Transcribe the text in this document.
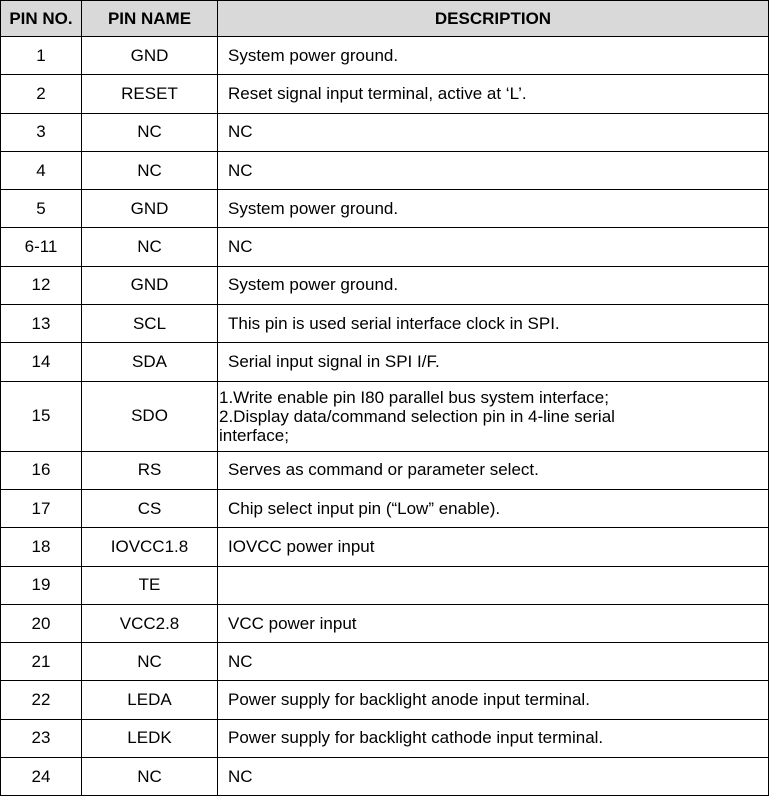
PIN NO.	PIN NAME	DESCRIPTION
1	GND	System power ground.
2	RESET	Reset signal input terminal, active at ‘L’.
3	NC	NC
4	NC	NC
5	GND	System power ground.
6-11	NC	NC
12	GND	System power ground.
13	SCL	This pin is used serial interface clock in SPI.
14	SDA	Serial input signal in SPI I/F.
15	SDO	1.Write enable pin I80 parallel bus system interface;
2.Display data/command selection pin in 4-line serial
interface;

16	RS	Serves as command or parameter select.
17	CS	Chip select input pin (“Low” enable).
18	IOVCC1.8	IOVCC power input
19	TE	
20	VCC2.8	VCC power input
21	NC	NC
22	LEDA	Power supply for backlight anode input terminal.
23	LEDK	Power supply for backlight cathode input terminal.
24	NC	NC
